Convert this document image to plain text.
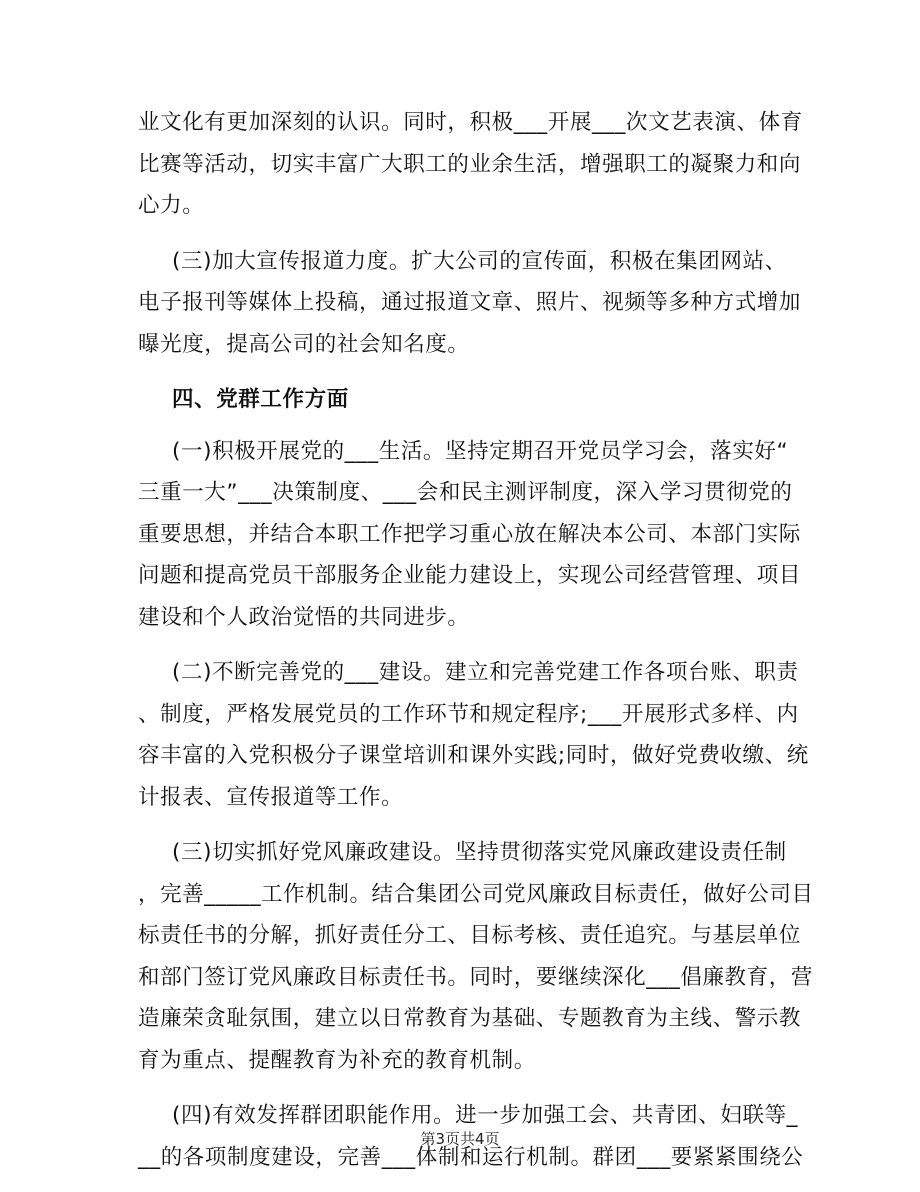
业文化有更加深刻的认识。同时，积极___开展___次文艺表演、体育
比赛等活动，切实丰富广大职工的业余生活，增强职工的凝聚力和向
心力。
(三)加大宣传报道力度。扩大公司的宣传面，积极在集团网站、
电子报刊等媒体上投稿，通过报道文章、照片、视频等多种方式增加
曝光度，提高公司的社会知名度。
四、党群工作方面
(一)积极开展党的___生活。坚持定期召开党员学习会，落实好“
三重一大”___决策制度、___会和民主测评制度，深入学习贯彻党的
重要思想，并结合本职工作把学习重心放在解决本公司、本部门实际
问题和提高党员干部服务企业能力建设上，实现公司经营管理、项目
建设和个人政治觉悟的共同进步。
(二)不断完善党的___建设。建立和完善党建工作各项台账、职责
、制度，严格发展党员的工作环节和规定程序;___开展形式多样、内
容丰富的入党积极分子课堂培训和课外实践;同时，做好党费收缴、统
计报表、宣传报道等工作。
(三)切实抓好党风廉政建设。坚持贯彻落实党风廉政建设责任制
，完善_____工作机制。结合集团公司党风廉政目标责任，做好公司目
标责任书的分解，抓好责任分工、目标考核、责任追究。与基层单位
和部门签订党风廉政目标责任书。同时，要继续深化___倡廉教育，营
造廉荣贪耻氛围，建立以日常教育为基础、专题教育为主线、警示教
育为重点、提醒教育为补充的教育机制。
(四)有效发挥群团职能作用。进一步加强工会、共青团、妇联等_
__的各项制度建设，完善___体制和运行机制。群团___要紧紧围绕公
第3页共4页
